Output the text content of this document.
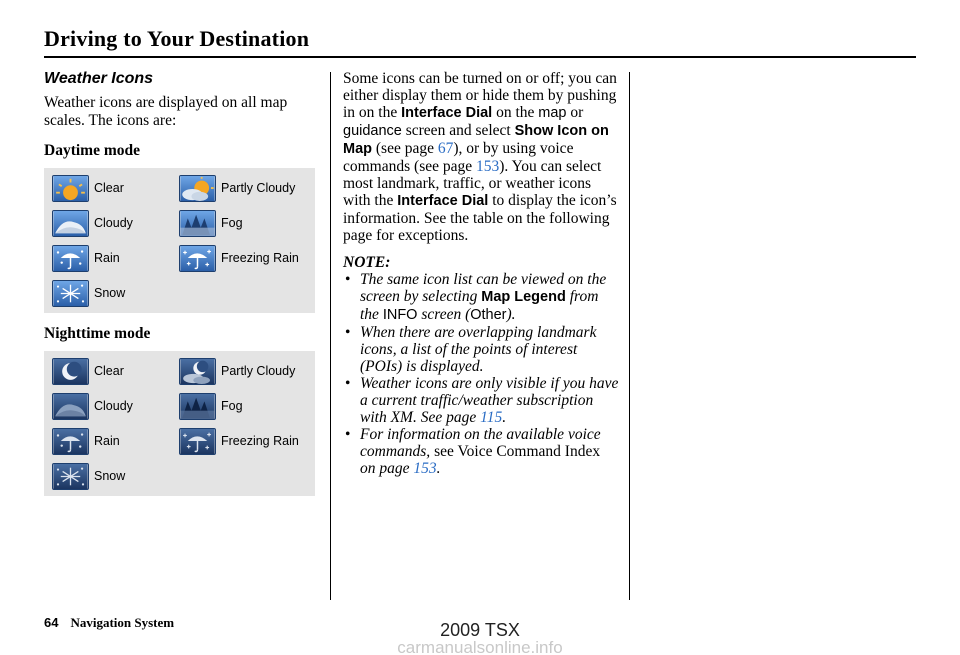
Driving to Your Destination
Weather Icons
Weather icons are displayed on all map scales. The icons are:
Daytime mode
Clear	Partly Cloudy
Cloudy	Fog
Rain	Freezing Rain
Snow
Nighttime mode
Clear	Partly Cloudy
Cloudy	Fog
Rain	Freezing Rain
Snow

Some icons can be turned on or off; you can either display them or hide them by pushing in on the Interface Dial on the map or guidance screen and select Show Icon on Map (see page 67), or by using voice commands (see page 153). You can select most landmark, traffic, or weather icons with the Interface Dial to display the icon’s information. See the table on the following page for exceptions.

NOTE:
• The same icon list can be viewed on the screen by selecting Map Legend from the INFO screen (Other).
• When there are overlapping landmark icons, a list of the points of interest (POIs) is displayed.
• Weather icons are only visible if you have a current traffic/weather subscription with XM. See page 115.
• For information on the available voice commands, see Voice Command Index on page 153.
64 Navigation System	2009 TSX
carmanualsonline.info
